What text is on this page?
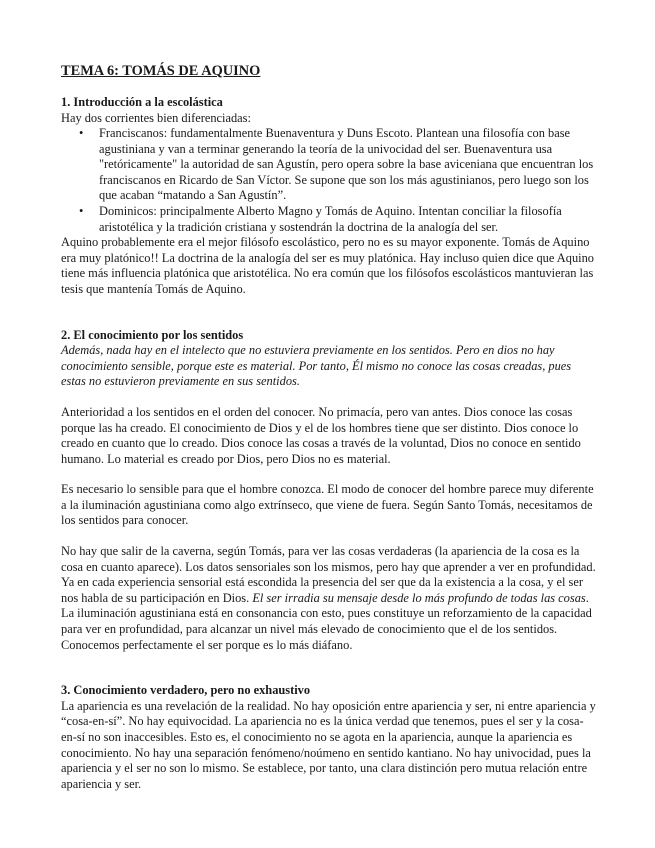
TEMA 6: TOMÁS DE AQUINO
1. Introducción a la escolástica

Hay dos corrientes bien diferenciadas:

• Franciscanos: fundamentalmente Buenaventura y Duns Escoto. Plantean una filosofía con base agustiniana y van a terminar generando la teoría de la univocidad del ser. Buenaventura usa "retóricamente" la autoridad de san Agustín, pero opera sobre la base aviceniana que encuentran los franciscanos en Ricardo de San Víctor. Se supone que son los más agustinianos, pero luego son los que acaban “matando a San Agustín”.
• Dominicos: principalmente Alberto Magno y Tomás de Aquino. Intentan conciliar la filosofía aristotélica y la tradición cristiana y sostendrán la doctrina de la analogía del ser.

Aquino probablemente era el mejor filósofo escolástico, pero no es su mayor exponente. Tomás de Aquino era muy platónico!! La doctrina de la analogía del ser es muy platónica. Hay incluso quien dice que Aquino tiene más influencia platónica que aristotélica. No era común que los filósofos escolásticos mantuvieran las tesis que mantenía Tomás de Aquino.

2. El conocimiento por los sentidos

Además, nada hay en el intelecto que no estuviera previamente en los sentidos. Pero en dios no hay conocimiento sensible, porque este es material. Por tanto, Él mismo no conoce las cosas creadas, pues estas no estuvieron previamente en sus sentidos.

Anterioridad a los sentidos en el orden del conocer. No primacía, pero van antes. Dios conoce las cosas porque las ha creado. El conocimiento de Dios y el de los hombres tiene que ser distinto. Dios conoce lo creado en cuanto que lo creado. Dios conoce las cosas a través de la voluntad, Dios no conoce en sentido humano. Lo material es creado por Dios, pero Dios no es material.

Es necesario lo sensible para que el hombre conozca. El modo de conocer del hombre parece muy diferente a la iluminación agustiniana como algo extrínseco, que viene de fuera. Según Santo Tomás, necesitamos de los sentidos para conocer.

No hay que salir de la caverna, según Tomás, para ver las cosas verdaderas (la apariencia de la cosa es la cosa en cuanto aparece). Los datos sensoriales son los mismos, pero hay que aprender a ver en profundidad. Ya en cada experiencia sensorial está escondida la presencia del ser que da la existencia a la cosa, y el ser nos habla de su participación en Dios. El ser irradia su mensaje desde lo más profundo de todas las cosas. La iluminación agustiniana está en consonancia con esto, pues constituye un reforzamiento de la capacidad para ver en profundidad, para alcanzar un nivel más elevado de conocimiento que el de los sentidos. Conocemos perfectamente el ser porque es lo más diáfano.

3. Conocimiento verdadero, pero no exhaustivo

La apariencia es una revelación de la realidad. No hay oposición entre apariencia y ser, ni entre apariencia y “cosa-en-sí”. No hay equivocidad. La apariencia no es la única verdad que tenemos, pues el ser y la cosa-en-sí no son inaccesibles. Esto es, el conocimiento no se agota en la apariencia, aunque la apariencia es conocimiento. No hay una separación fenómeno/noúmeno en sentido kantiano. No hay univocidad, pues la apariencia y el ser no son lo mismo. Se establece, por tanto, una clara distinción pero mutua relación entre apariencia y ser.
